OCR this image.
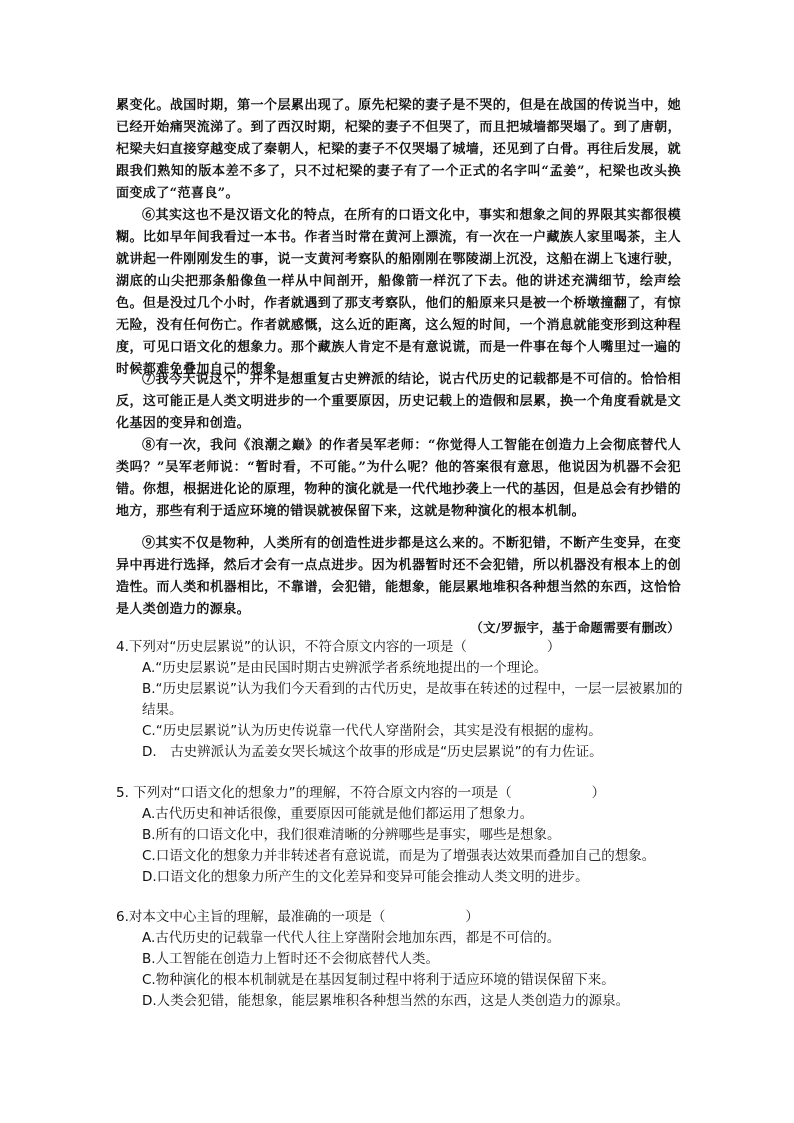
累变化。战国时期，第一个层累出现了。原先杞梁的妻子是不哭的，但是在战国的传说当中，她已经开始痛哭流涕了。到了西汉时期，杞梁的妻子不但哭了，而且把城墙都哭塌了。到了唐朝，杞梁夫妇直接穿越变成了秦朝人，杞梁的妻子不仅哭塌了城墙，还见到了白骨。再往后发展，就跟我们熟知的版本差不多了，只不过杞梁的妻子有了一个正式的名字叫“孟姜”，杞梁也改头换面变成了“范喜良”。

⑥其实这也不是汉语文化的特点，在所有的口语文化中，事实和想象之间的界限其实都很模糊。比如早年间我看过一本书。作者当时常在黄河上漂流，有一次在一户藏族人家里喝茶，主人就讲起一件刚刚发生的事，说一支黄河考察队的船刚刚在鄂陵湖上沉没，这船在湖上飞速行驶，湖底的山尖把那条船像鱼一样从中间剖开，船像箭一样沉了下去。他的讲述充满细节，绘声绘色。但是没过几个小时，作者就遇到了那支考察队，他们的船原来只是被一个桥墩撞翻了，有惊无险，没有任何伤亡。作者就感慨，这么近的距离，这么短的时间，一个消息就能变形到这种程度，可见口语文化的想象力。那个藏族人肯定不是有意说谎，而是一件事在每个人嘴里过一遍的时候都难免叠加自己的想象。

⑦我今天说这个，并不是想重复古史辨派的结论，说古代历史的记载都是不可信的。恰恰相反，这可能正是人类文明进步的一个重要原因，历史记载上的造假和层累，换一个角度看就是文化基因的变异和创造。

⑧有一次，我问《浪潮之巅》的作者吴军老师：“你觉得人工智能在创造力上会彻底替代人类吗？”吴军老师说：“暂时看，不可能。”为什么呢？他的答案很有意思，他说因为机器不会犯错。你想，根据进化论的原理，物种的演化就是一代代地抄袭上一代的基因，但是总会有抄错的地方，那些有利于适应环境的错误就被保留下来，这就是物种演化的根本机制。

⑨其实不仅是物种，人类所有的创造性进步都是这么来的。不断犯错，不断产生变异，在变异中再进行选择，然后才会有一点点进步。因为机器暂时还不会犯错，所以机器没有根本上的创造性。而人类和机器相比，不靠谱，会犯错，能想象，能层累地堆积各种想当然的东西，这恰恰是人类创造力的源泉。

（文/罗振宇，基于命题需要有删改）

4.下列对“历史层累说”的认识，不符合原文内容的一项是（	）

A.“历史层累说”是由民国时期古史辨派学者系统地提出的一个理论。

B.“历史层累说”认为我们今天看到的古代历史，是故事在转述的过程中，一层一层被累加的结果。

C.“历史层累说”认为历史传说靠一代代人穿凿附会，其实是没有根据的虚构。

D.　古史辨派认为孟姜女哭长城这个故事的形成是“历史层累说”的有力佐证。

5. 下列对“口语文化的想象力”的理解，不符合原文内容的一项是（	）

A.古代历史和神话很像，重要原因可能就是他们都运用了想象力。

B.所有的口语文化中，我们很难清晰的分辨哪些是事实，哪些是想象。

C.口语文化的想象力并非转述者有意说谎，而是为了增强表达效果而叠加自己的想象。

D.口语文化的想象力所产生的文化差异和变异可能会推动人类文明的进步。

6.对本文中心主旨的理解，最准确的一项是（	）

A.古代历史的记载靠一代代人往上穿凿附会地加东西，都是不可信的。

B.人工智能在创造力上暂时还不会彻底替代人类。

C.物种演化的根本机制就是在基因复制过程中将利于适应环境的错误保留下来。

D.人类会犯错，能想象，能层累堆积各种想当然的东西，这是人类创造力的源泉。
